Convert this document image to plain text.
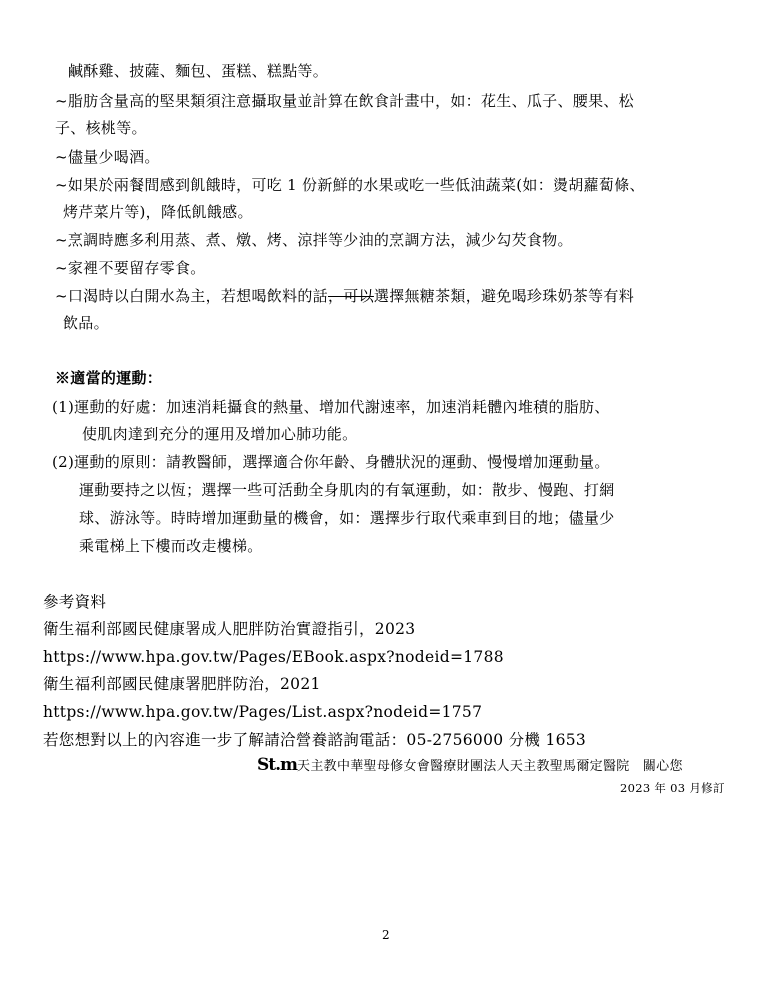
鹹酥雞、披薩、麵包、蛋糕、糕點等。
~脂肪含量高的堅果類須注意攝取量並計算在飲食計畫中，如：花生、瓜子、腰果、松
子、核桃等。
~儘量少喝酒。
~如果於兩餐間感到飢餓時，可吃 1 份新鮮的水果或吃一些低油蔬菜(如：燙胡蘿蔔條、
烤芹菜片等)，降低飢餓感。
~烹調時應多利用蒸、煮、燉、烤、涼拌等少油的烹調方法，減少勾芡食物。
~家裡不要留存零食。
~口渴時以白開水為主，若想喝飲料的話，可以選擇無糖茶類，避免喝珍珠奶茶等有料
飲品。
※適當的運動：
(1)運動的好處：加速消耗攝食的熱量、增加代謝速率，加速消耗體內堆積的脂肪、
使肌肉達到充分的運用及增加心肺功能。
(2)運動的原則：請教醫師，選擇適合你年齡、身體狀況的運動、慢慢增加運動量。
運動要持之以恆；選擇一些可活動全身肌肉的有氧運動，如：散步、慢跑、打網
球、游泳等。時時增加運動量的機會，如：選擇步行取代乘車到目的地；儘量少
乘電梯上下樓而改走樓梯。
參考資料
衛生福利部國民健康署成人肥胖防治實證指引，2023
https://www.hpa.gov.tw/Pages/EBook.aspx?nodeid=1788
衛生福利部國民健康署肥胖防治，2021
https://www.hpa.gov.tw/Pages/List.aspx?nodeid=1757
若您想對以上的內容進一步了解請洽營養諮詢電話：05-2756000 分機 1653
St.m天主教中華聖母修女會醫療財團法人天主教聖馬爾定醫院　關心您
2023 年 03 月修訂
2
